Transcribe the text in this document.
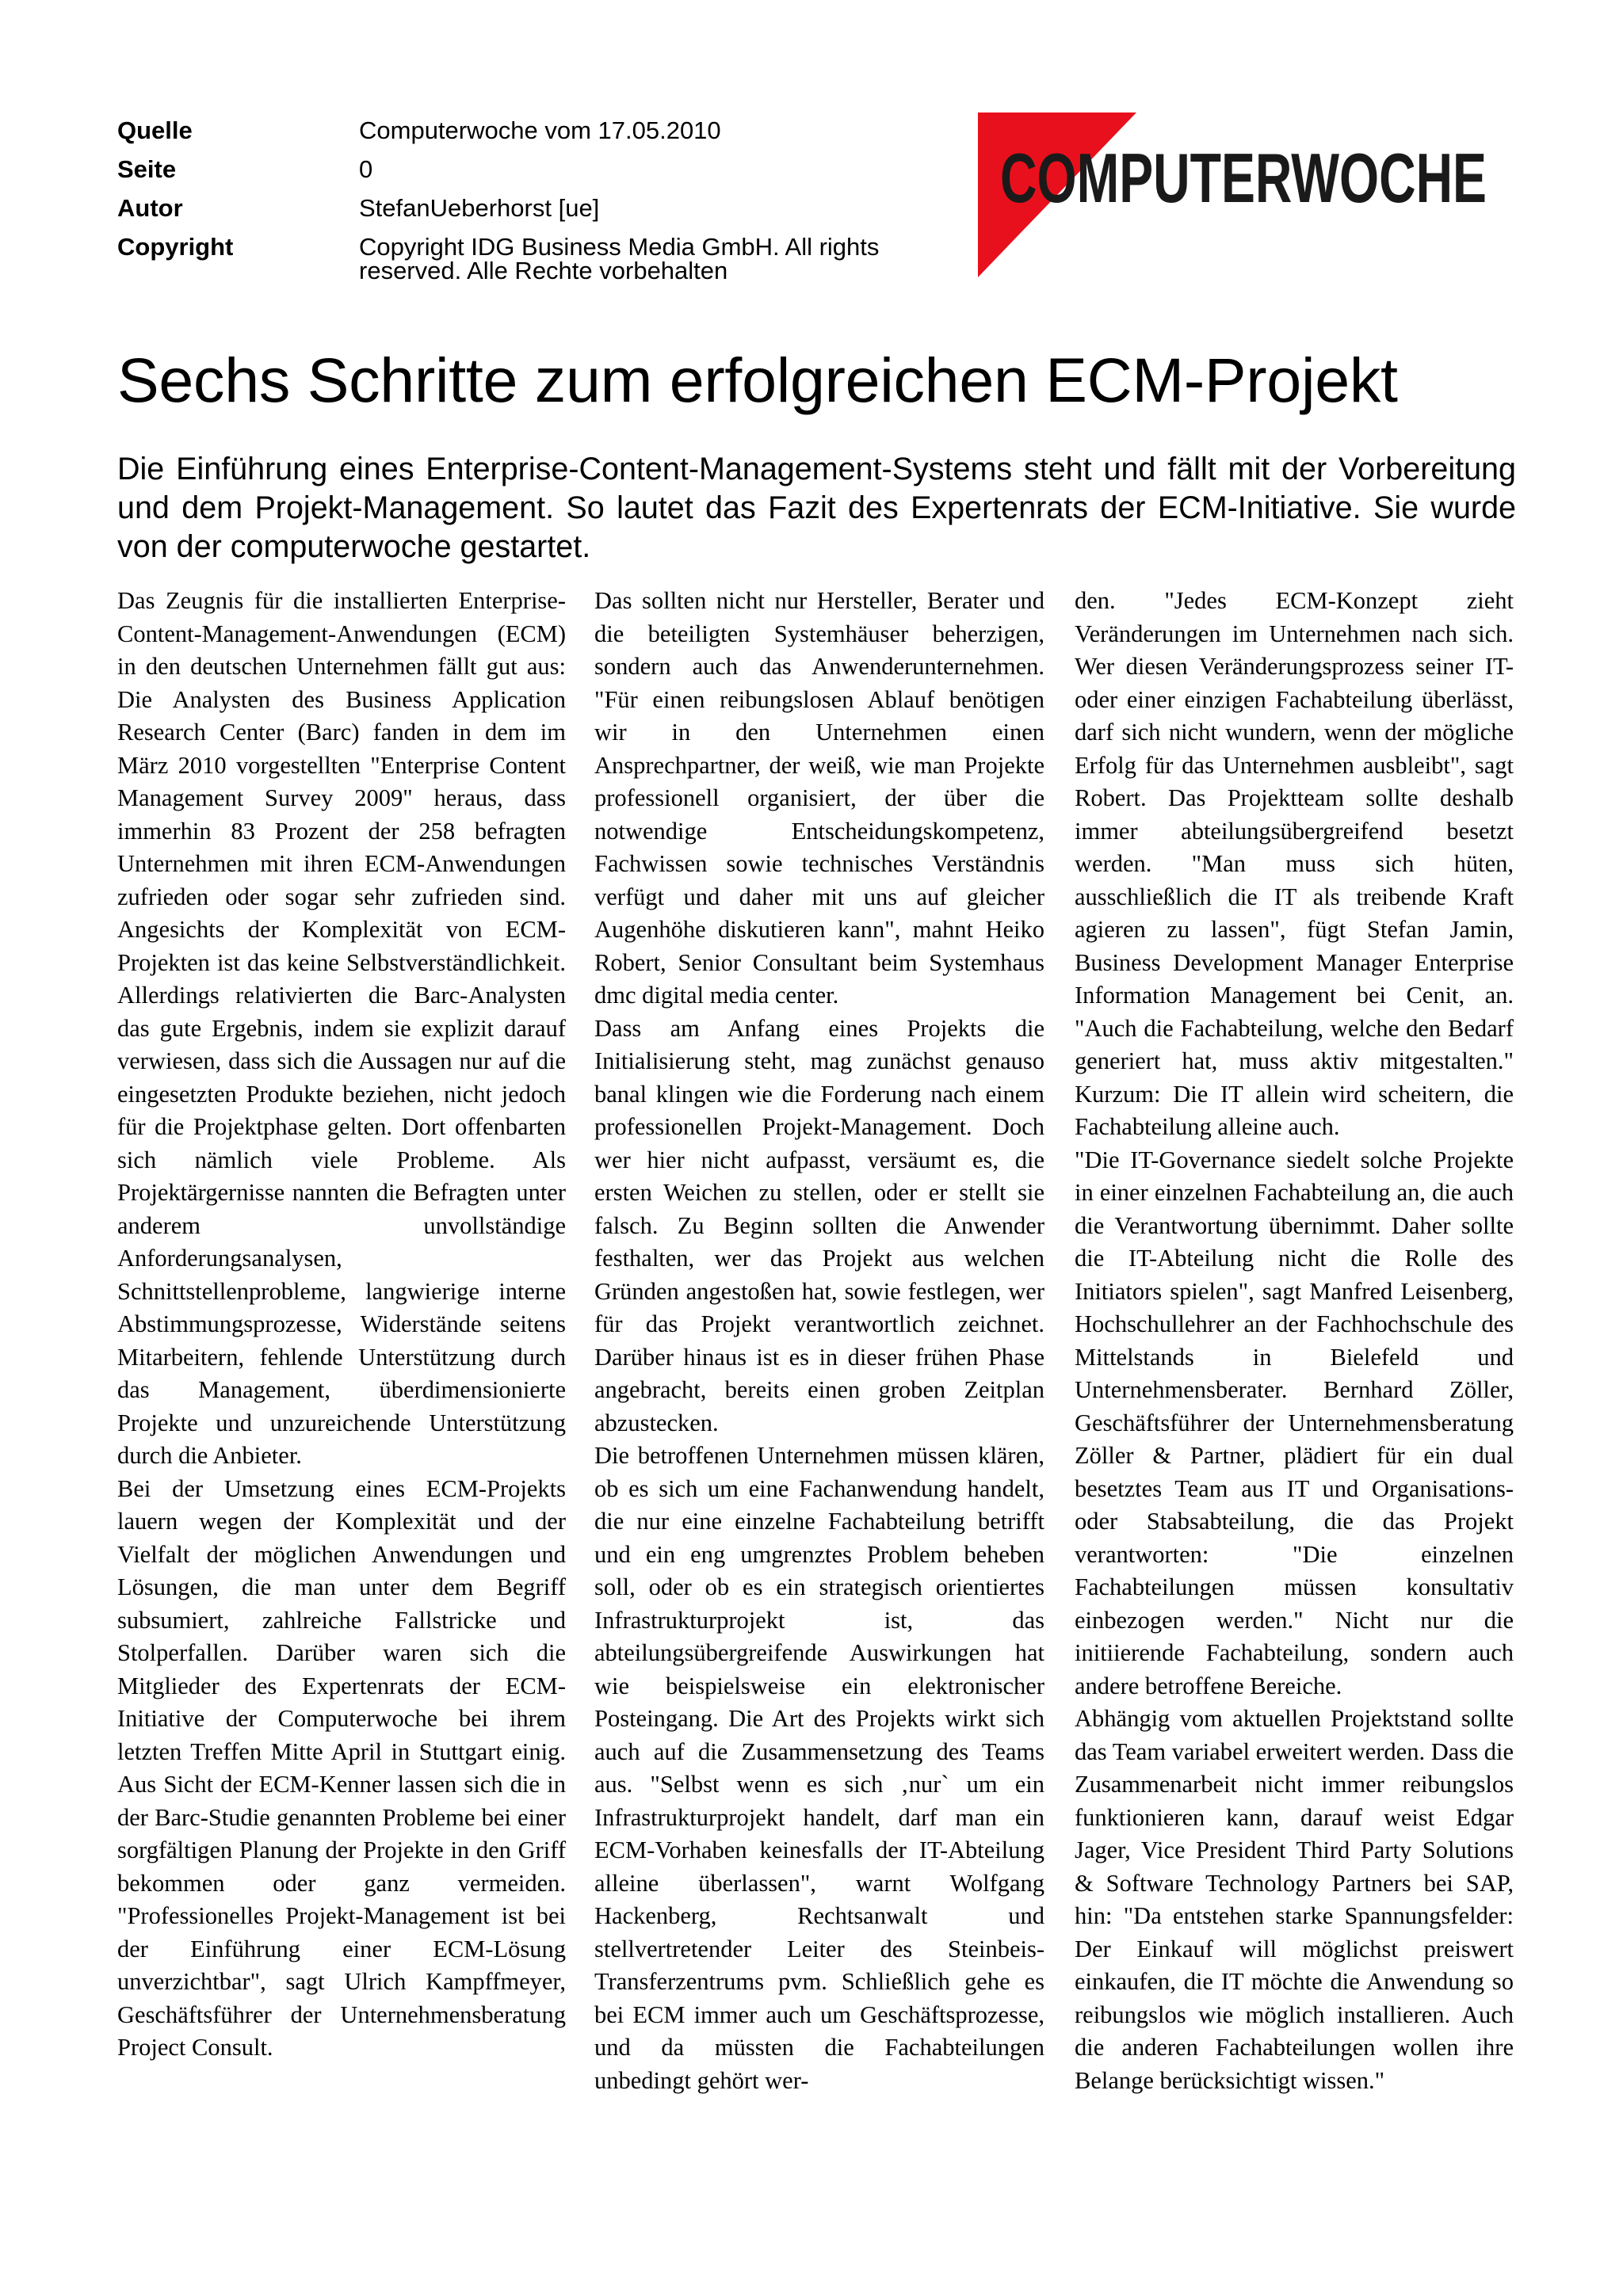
Quelle	Computerwoche vom 17.05.2010
Seite	0
Autor	StefanUeberhorst [ue]
Copyright	Copyright IDG Business Media GmbH. All rights reserved. Alle Rechte vorbehalten
COMPUTERWOCHE
Sechs Schritte zum erfolgreichen ECM-Projekt

Die Einführung eines Enterprise-Content-Management-Systems steht und fällt mit der Vorbereitung und dem Projekt-Management. So lautet das Fazit des Expertenrats der ECM-Initiative. Sie wurde von der computerwoche gestartet.

Das Zeugnis für die installierten Enterprise-Content-Management-Anwendungen (ECM) in den deutschen Unternehmen fällt gut aus: Die Analysten des Business Application Research Center (Barc) fanden in dem im März 2010 vorgestellten "Enterprise Content Management Survey 2009" heraus, dass immerhin 83 Prozent der 258 befragten Unternehmen mit ihren ECM-Anwendungen zufrieden oder sogar sehr zufrieden sind. Angesichts der Komplexität von ECM-Projekten ist das keine Selbstverständlichkeit. Allerdings relativierten die Barc-Analysten das gute Ergebnis, indem sie explizit darauf verwiesen, dass sich die Aussagen nur auf die eingesetzten Produkte beziehen, nicht jedoch für die Projektphase gelten. Dort offenbarten sich nämlich viele Probleme. Als Projektärgernisse nannten die Befragten unter anderem unvollständige Anforderungsanalysen, Schnittstellenprobleme, langwierige interne Abstimmungsprozesse, Widerstände seitens Mitarbeitern, fehlende Unterstützung durch das Management, überdimensionierte Projekte und unzureichende Unterstützung durch die Anbieter.

Bei der Umsetzung eines ECM-Projekts lauern wegen der Komplexität und der Vielfalt der möglichen Anwendungen und Lösungen, die man unter dem Begriff subsumiert, zahlreiche Fallstricke und Stolperfallen. Darüber waren sich die Mitglieder des Expertenrats der ECM-Initiative der Computerwoche bei ihrem letzten Treffen Mitte April in Stuttgart einig. Aus Sicht der ECM-Kenner lassen sich die in der Barc-Studie genannten Probleme bei einer sorgfältigen Planung der Projekte in den Griff bekommen oder ganz vermeiden. "Professionelles Projekt-Management ist bei der Einführung einer ECM-Lösung unverzichtbar", sagt Ulrich Kampffmeyer, Geschäftsführer der Unternehmensberatung Project Consult.

Das sollten nicht nur Hersteller, Berater und die beteiligten Systemhäuser beherzigen, sondern auch das Anwenderunternehmen. "Für einen reibungslosen Ablauf benötigen wir in den Unternehmen einen Ansprechpartner, der weiß, wie man Projekte professionell organisiert, der über die notwendige Entscheidungskompetenz, Fachwissen sowie technisches Verständnis verfügt und daher mit uns auf gleicher Augenhöhe diskutieren kann", mahnt Heiko Robert, Senior Consultant beim Systemhaus dmc digital media center.

Dass am Anfang eines Projekts die Initialisierung steht, mag zunächst genauso banal klingen wie die Forderung nach einem professionellen Projekt-Management. Doch wer hier nicht aufpasst, versäumt es, die ersten Weichen zu stellen, oder er stellt sie falsch. Zu Beginn sollten die Anwender festhalten, wer das Projekt aus welchen Gründen angestoßen hat, sowie festlegen, wer für das Projekt verantwortlich zeichnet. Darüber hinaus ist es in dieser frühen Phase angebracht, bereits einen groben Zeitplan abzustecken.

Die betroffenen Unternehmen müssen klären, ob es sich um eine Fachanwendung handelt, die nur eine einzelne Fachabteilung betrifft und ein eng umgrenztes Problem beheben soll, oder ob es ein strategisch orientiertes Infrastrukturprojekt ist, das abteilungsübergreifende Auswirkungen hat wie beispielsweise ein elektronischer Posteingang. Die Art des Projekts wirkt sich auch auf die Zusammensetzung des Teams aus. "Selbst wenn es sich ‚nur` um ein Infrastrukturprojekt handelt, darf man ein ECM-Vorhaben keinesfalls der IT-Abteilung alleine überlassen", warnt Wolfgang Hackenberg, Rechtsanwalt und stellvertretender Leiter des Steinbeis-Transferzentrums pvm. Schließlich gehe es bei ECM immer auch um Geschäftsprozesse, und da müssten die Fachabteilungen unbedingt gehört wer-

den. "Jedes ECM-Konzept zieht Veränderungen im Unternehmen nach sich. Wer diesen Veränderungsprozess seiner IT- oder einer einzigen Fachabteilung überlässt, darf sich nicht wundern, wenn der mögliche Erfolg für das Unternehmen ausbleibt", sagt Robert. Das Projektteam sollte deshalb immer abteilungsübergreifend besetzt werden. "Man muss sich hüten, ausschließlich die IT als treibende Kraft agieren zu lassen", fügt Stefan Jamin, Business Development Manager Enterprise Information Management bei Cenit, an. "Auch die Fachabteilung, welche den Bedarf generiert hat, muss aktiv mitgestalten." Kurzum: Die IT allein wird scheitern, die Fachabteilung alleine auch.

"Die IT-Governance siedelt solche Projekte in einer einzelnen Fachabteilung an, die auch die Verantwortung übernimmt. Daher sollte die IT-Abteilung nicht die Rolle des Initiators spielen", sagt Manfred Leisenberg, Hochschullehrer an der Fachhochschule des Mittelstands in Bielefeld und Unternehmensberater. Bernhard Zöller, Geschäftsführer der Unternehmensberatung Zöller & Partner, plädiert für ein dual besetztes Team aus IT und Organisations- oder Stabsabteilung, die das Projekt verantworten: "Die einzelnen Fachabteilungen müssen konsultativ einbezogen werden." Nicht nur die initiierende Fachabteilung, sondern auch andere betroffene Bereiche.

Abhängig vom aktuellen Projektstand sollte das Team variabel erweitert werden. Dass die Zusammenarbeit nicht immer reibungslos funktionieren kann, darauf weist Edgar Jager, Vice President Third Party Solutions & Software Technology Partners bei SAP, hin: "Da entstehen starke Spannungsfelder: Der Einkauf will möglichst preiswert einkaufen, die IT möchte die Anwendung so reibungslos wie möglich installieren. Auch die anderen Fachabteilungen wollen ihre Belange berücksichtigt wissen."
